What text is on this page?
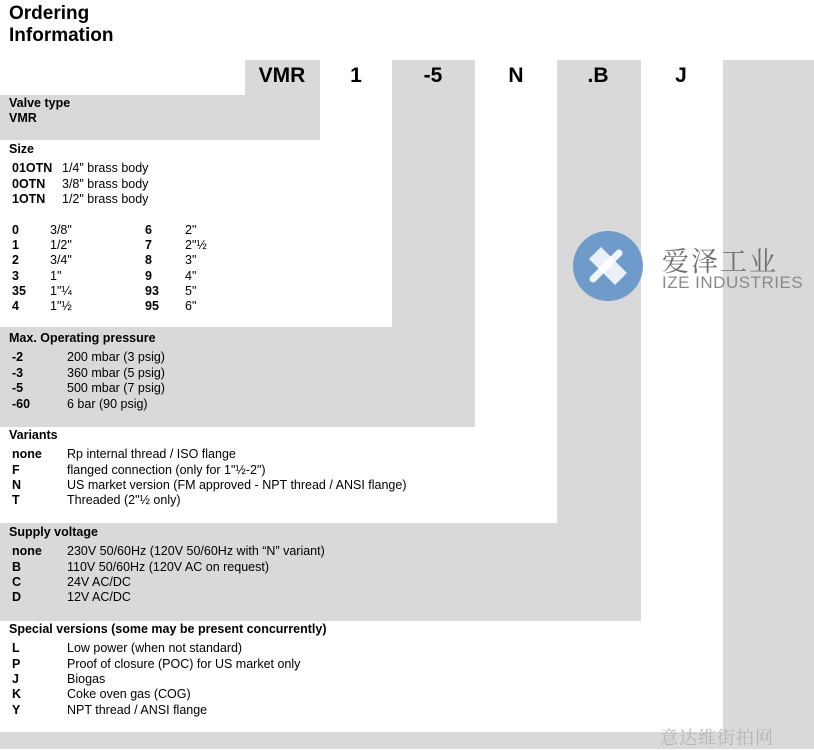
Ordering
Information
VMR	1	-5	N	.B	J
Valve type
VMR
Size
01OTN 1/4" brass body
0OTN 3/8" brass body
1OTN 1/2" brass body
0 3/8"	6	2"
1 1/2"	7	2"½
2 3/4"	8	3"
3 1"	9	4"
35 1"¼	93 5"
4 1"½	95 6"
Max. Operating pressure
-2	200 mbar (3 psig)
-3	360 mbar (5 psig)
-5	500 mbar (7 psig)
-60	6 bar (90 psig)
Variants
none Rp internal thread / ISO flange
F	flanged connection (only for 1"½-2")
N	US market version (FM approved - NPT thread / ANSI flange)
T	Threaded (2"½ only)
Supply voltage
none 230V 50/60Hz (120V 50/60Hz with “N” variant)
B	110V 50/60Hz (120V AC on request)
C	24V AC/DC
D	12V AC/DC
Special versions (some may be present concurrently)
L	Low power (when not standard)
P	Proof of closure (POC) for US market only
J	Biogas
K	Coke oven gas (COG)
Y	NPT thread / ANSI flange
爱泽工业
IZE INDUSTRIES
意达维街拍网
